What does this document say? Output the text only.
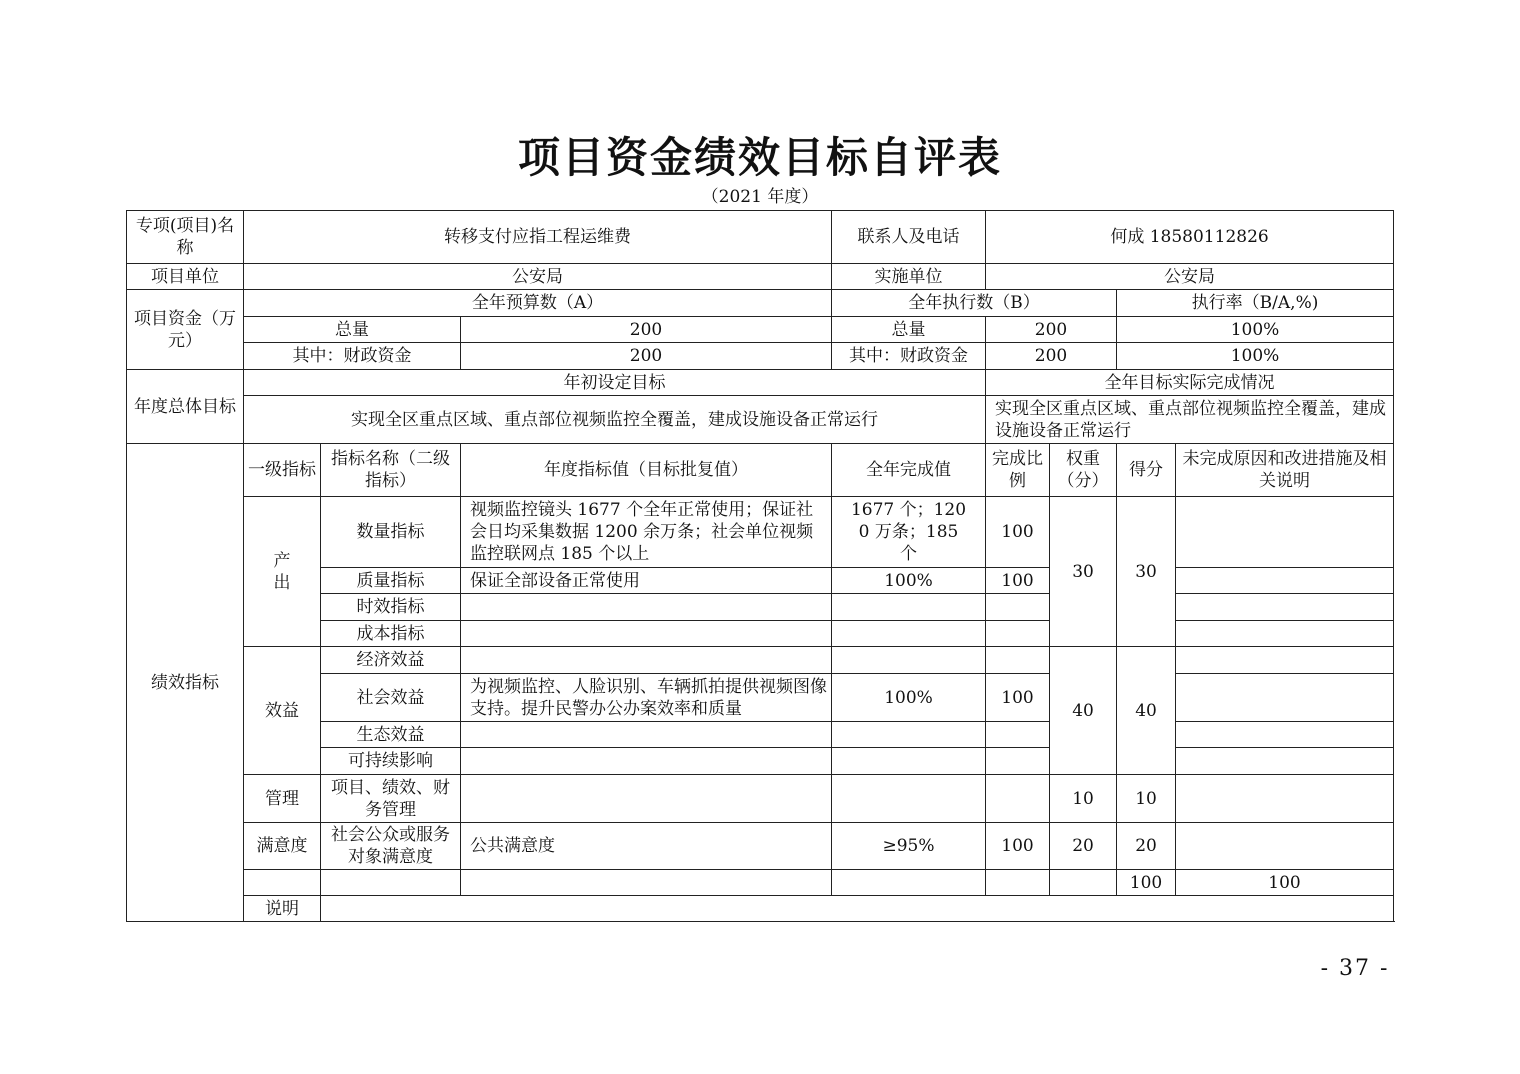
项目资金绩效目标自评表
（2021 年度）
专项(项目)名称	转移支付应指工程运维费			联系人及电话	何成 18580112826				
项目单位	公安局			实施单位	公安局				
项目资金（万元）	全年预算数（A）			全年执行数（B）			执行率（B/A,%)		
	总量		200	总量	200		100%		
	其中：财政资金		200	其中：财政资金	200		100%		
年度总体目标	年初设定目标				全年目标实际完成情况				
	实现全区重点区域、重点部位视频监控全覆盖，建成设施设备正常运行				实现全区重点区域、重点部位视频监控全覆盖，建成设施设备正常运行				
绩效指标	一级指标	指标名称（二级指标）	年度指标值（目标批复值）	全年完成值	完成比例	权重（分）	得分	未完成原因和改进措施及相关说明	
	产出	数量指标	视频监控镜头 1677 个全年正常使用；保证社会日均采集数据 1200 余万条；社会单位视频监控联网点 185 个以上	1677 个；1200 万条；185 个	100	30	30		
		质量指标	保证全部设备正常使用	100%	100				
		时效指标							
		成本指标							
	效益	经济效益				40	40		
		社会效益	为视频监控、人脸识别、车辆抓拍提供视频图像支持。提升民警办公办案效率和质量	100%	100				
		生态效益							
		可持续影响							
	管理	项目、绩效、财务管理				10	10		
	满意度	社会公众或服务对象满意度	公共满意度	≥95%	100	20	20		
							100	100	
	说明								
- 37 -
